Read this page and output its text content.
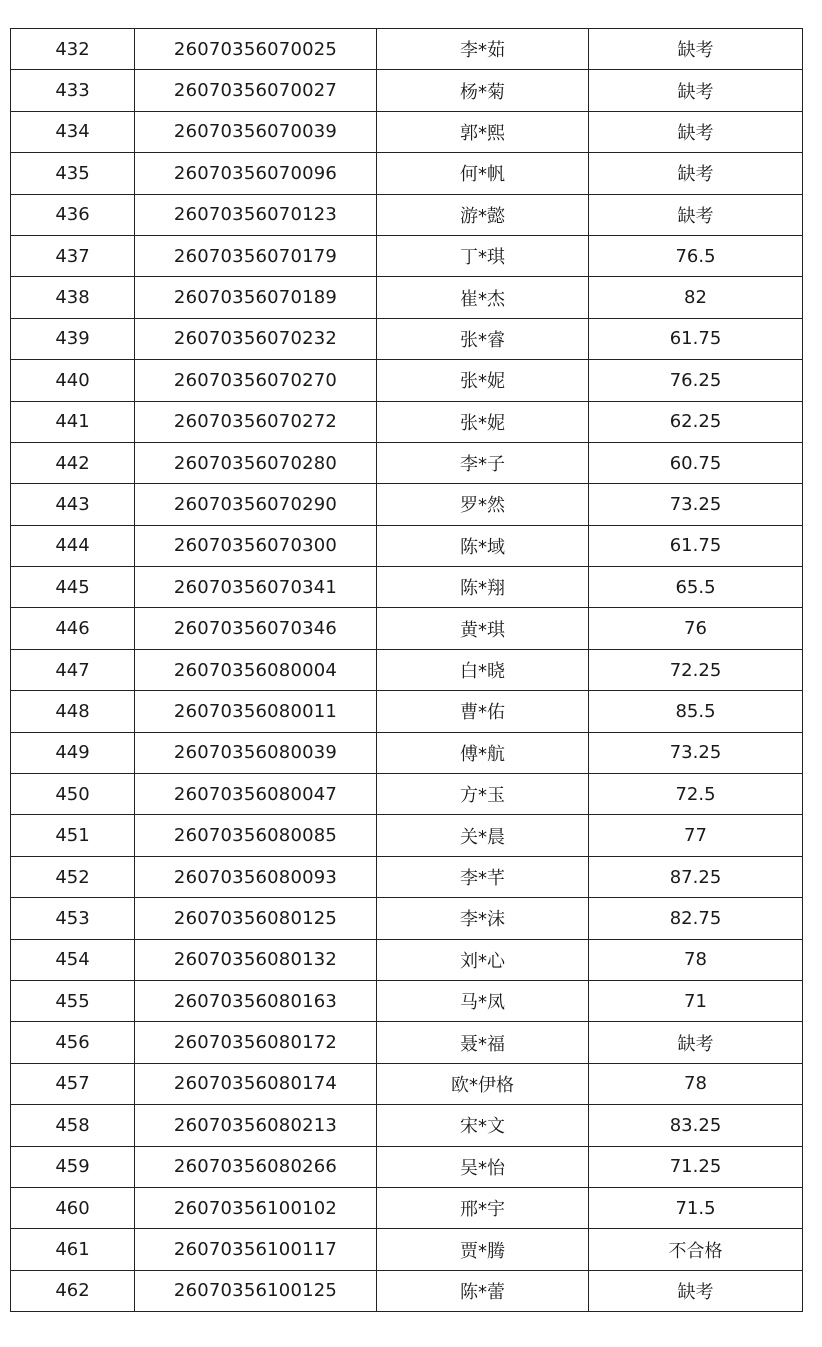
432	26070356070025	李*茹	缺考
433	26070356070027	杨*菊	缺考
434	26070356070039	郭*熙	缺考
435	26070356070096	何*帆	缺考
436	26070356070123	游*懿	缺考
437	26070356070179	丁*琪	76.5
438	26070356070189	崔*杰	82
439	26070356070232	张*睿	61.75
440	26070356070270	张*妮	76.25
441	26070356070272	张*妮	62.25
442	26070356070280	李*子	60.75
443	26070356070290	罗*然	73.25
444	26070356070300	陈*域	61.75
445	26070356070341	陈*翔	65.5
446	26070356070346	黄*琪	76
447	26070356080004	白*晓	72.25
448	26070356080011	曹*佑	85.5
449	26070356080039	傅*航	73.25
450	26070356080047	方*玉	72.5
451	26070356080085	关*晨	77
452	26070356080093	李*芊	87.25
453	26070356080125	李*沫	82.75
454	26070356080132	刘*心	78
455	26070356080163	马*凤	71
456	26070356080172	聂*福	缺考
457	26070356080174	欧*伊格	78
458	26070356080213	宋*文	83.25
459	26070356080266	吴*怡	71.25
460	26070356100102	邢*宇	71.5
461	26070356100117	贾*腾	不合格
462	26070356100125	陈*蕾	缺考
